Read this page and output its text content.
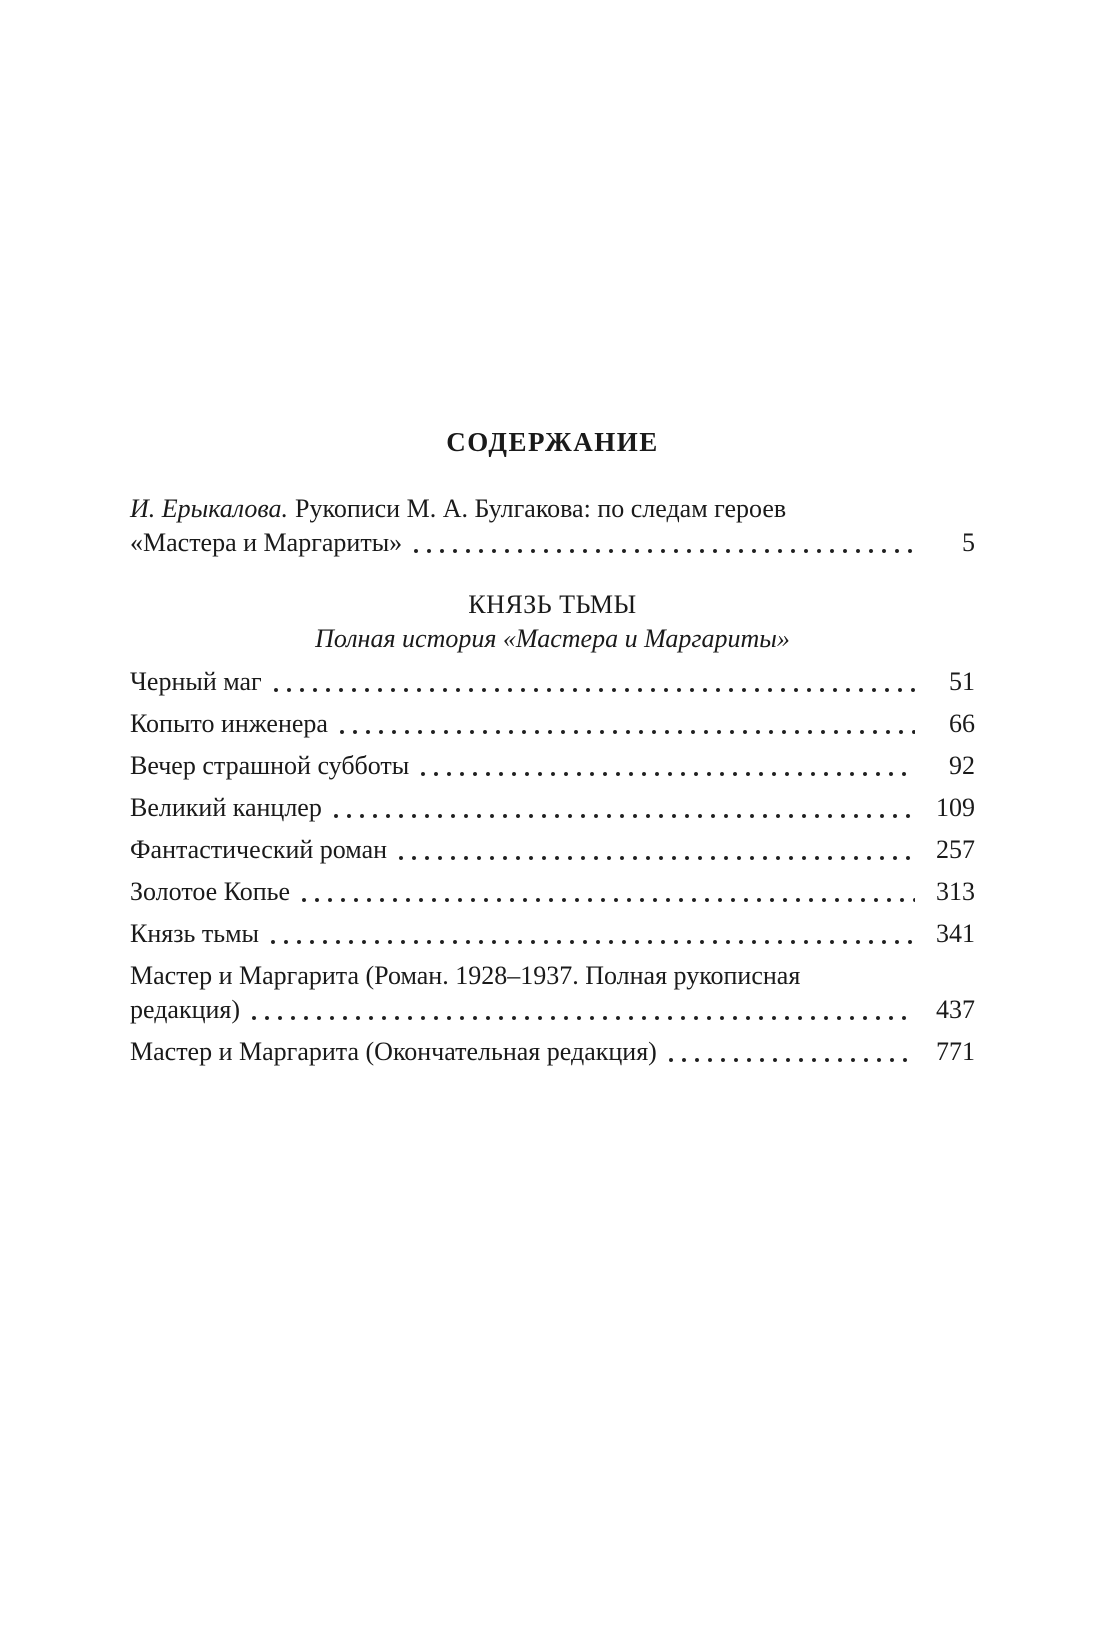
СОДЕРЖАНИЕ
И. Ерыкалова. Рукописи М. А. Булгакова: по следам героев
«Мастера и Маргариты»	5
КНЯЗЬ ТЬМЫ
Полная история «Мастера и Маргариты»
Черный маг	51
Копыто инженера	66
Вечер страшной субботы	92
Великий канцлер	109
Фантастический роман	257
Золотое Копье	313
Князь тьмы	341
Мастер и Маргарита (Роман. 1928–1937. Полная рукописная
редакция)	437
Мастер и Маргарита (Окончательная редакция)	771
